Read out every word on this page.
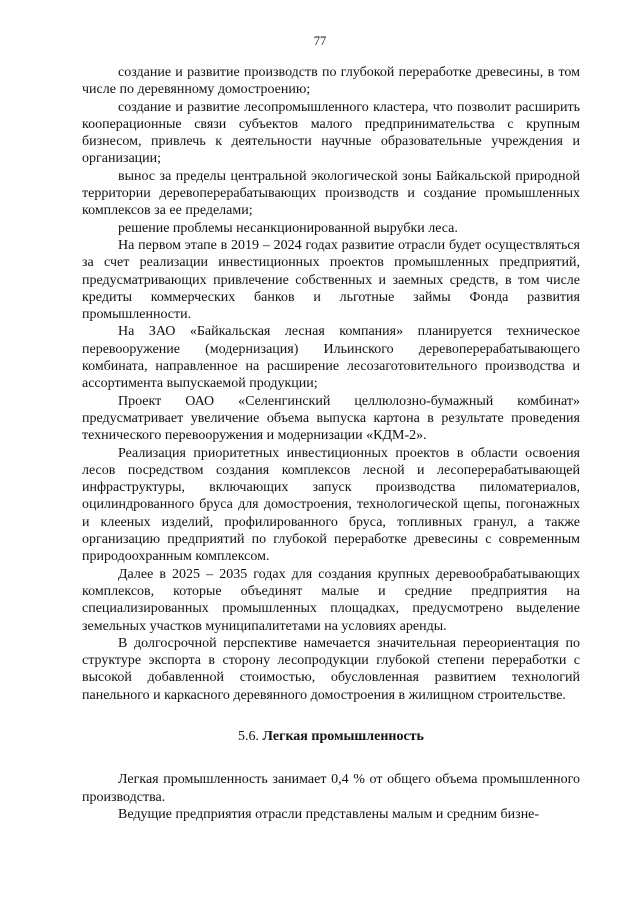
77

создание и развитие производств по глубокой переработке древесины, в том числе по деревянному домостроению;

создание и развитие лесопромышленного кластера, что позволит расширить кооперационные связи субъектов малого предпринимательства с крупным бизнесом, привлечь к деятельности научные образовательные учреждения и организации;

вынос за пределы центральной экологической зоны Байкальской природной территории деревоперерабатывающих производств и создание промышленных комплексов за ее пределами;

решение проблемы несанкционированной вырубки леса.

На первом этапе в 2019 – 2024 годах развитие отрасли будет осуществляться за счет реализации инвестиционных проектов промышленных предприятий, предусматривающих привлечение собственных и заемных средств, в том числе кредиты коммерческих банков и льготные займы Фонда развития промышленности.

На ЗАО «Байкальская лесная компания» планируется техническое перевооружение (модернизация) Ильинского деревоперерабатывающего комбината, направленное на расширение лесозаготовительного производства и ассортимента выпускаемой продукции;

Проект ОАО «Селенгинский целлюлозно-бумажный комбинат» предусматривает увеличение объема выпуска картона в результате проведения технического перевооружения и модернизации «КДМ-2».

Реализация приоритетных инвестиционных проектов в области освоения лесов посредством создания комплексов лесной и лесоперерабатывающей инфраструктуры, включающих запуск производства пиломатериалов, оцилиндрованного бруса для домостроения, технологической щепы, погонажных и клееных изделий, профилированного бруса, топливных гранул, а также организацию предприятий по глубокой переработке древесины с современным природоохранным комплексом.

Далее в 2025 – 2035 годах для создания крупных деревообрабатывающих комплексов, которые объединят малые и средние предприятия на специализированных промышленных площадках, предусмотрено выделение земельных участков муниципалитетами на условиях аренды.

В долгосрочной перспективе намечается значительная переориентация по структуре экспорта в сторону лесопродукции глубокой степени переработки с высокой добавленной стоимостью, обусловленная развитием технологий панельного и каркасного деревянного домостроения в жилищном строительстве.

5.6. Легкая промышленность

Легкая промышленность занимает 0,4 % от общего объема промышленного производства.

Ведущие предприятия отрасли представлены малым и средним бизне-
